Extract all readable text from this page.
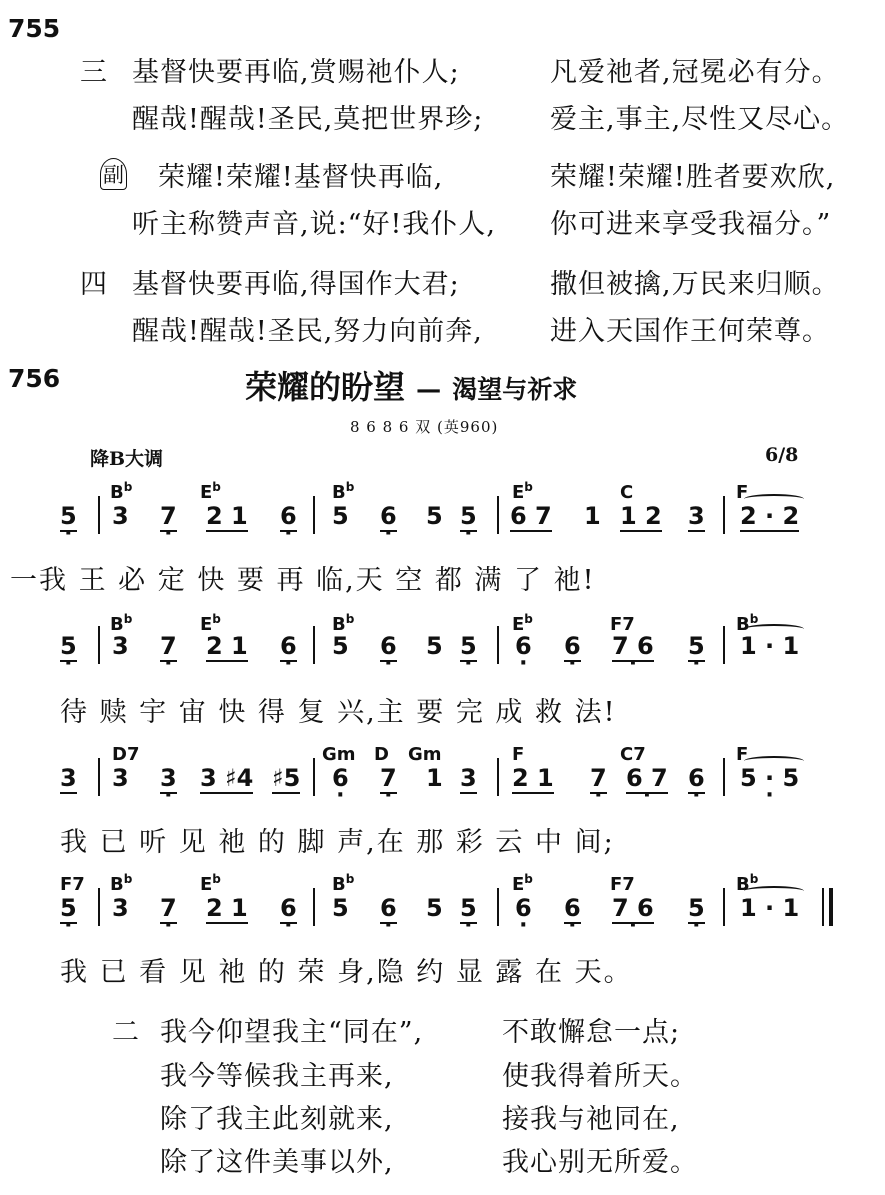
755
三 基督快要再临,赏赐祂仆人;	凡爱祂者,冠冕必有分。
醒哉!醒哉!圣民,莫把世界珍; 爱主,事主,尽性又尽心。
副 荣耀!荣耀!基督快再临,	荣耀!荣耀!胜者要欢欣,
听主称赞声音,说:“好!我仆人, 你可进来享受我福分。”
四 基督快要再临,得国作大君;	撒但被擒,万民来归顺。
醒哉!醒哉!圣民,努力向前奔, 进入天国作王何荣尊。
756	荣耀的盼望 — 渴望与祈求
8 6 8 6 双 (英960)
降B大调	6/8
$B^b$	$E^b$	$B^b$	$E^b$	C	F
5 · 3 7 · 2 1 6 · 5 6 · 5 5 · 6 7 1 1 2 3 2 · 2
一我 王 必 定 快 要 再 临,天 空 都 满 了 祂!
$B^b$	$E^b$	$B^b$	$E^b$	F7	$B^b$
5 · 3 7 · 2 1 6 · 5 6 · 5 5 · 6 · 6 · 7 6 · 5 · 1 · 1
待 赎 宇 宙 快 得 复 兴,主 要 完 成 救 法!
D7	Gm D Gm	F	C7	F
3 3 3 · 3 ♯4 ♯5 6 · 7 · 1 3 2 1 7 · 6 7 · 6 · 5 · 5 ·
我 已 听 见 祂 的 脚 声,在 那 彩 云 中 间;
F7 $B^b$	$E^b$	$B^b$	$E^b$	F7	$B^b$
5 · 3 7 · 2 1 6 · 5 6 · 5 5 · 6 · 6 · 7 6 · 5 · 1 · 1
我 已 看 见 祂 的 荣 身,隐 约 显 露 在 天。
二 我今仰望我主“同在”,	不敢懈怠一点;
我今等候我主再来,	使我得着所天。
除了我主此刻就来,	接我与祂同在,
除了这件美事以外,	我心别无所爱。
